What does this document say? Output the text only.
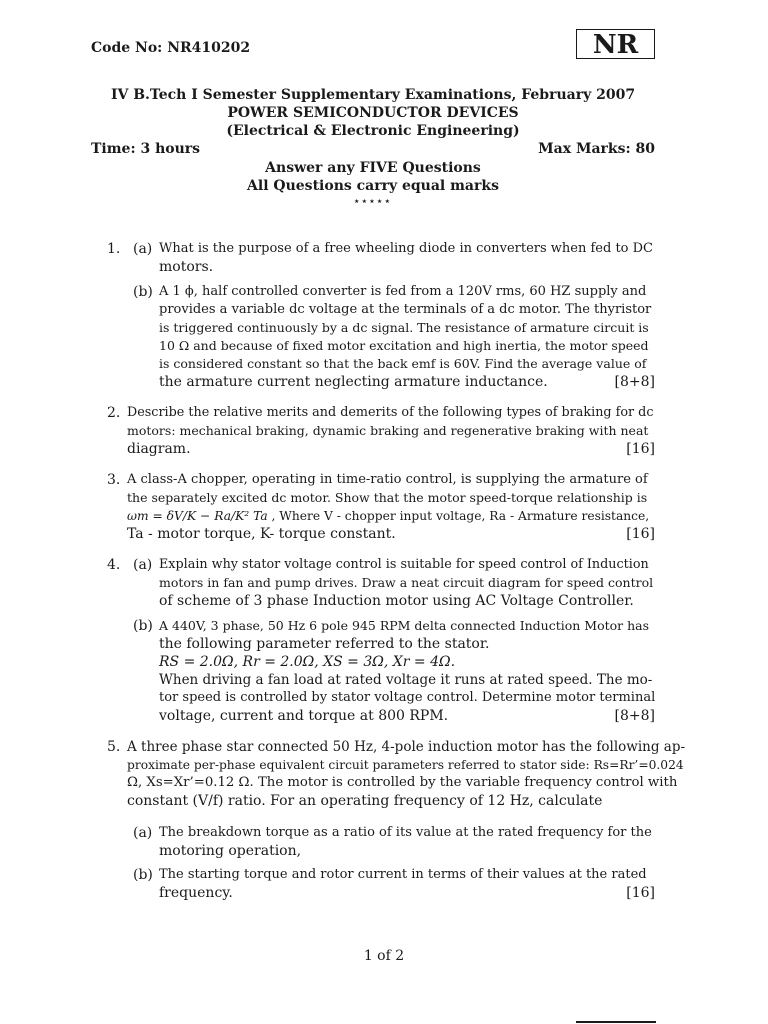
Code No: NR410202	NR
IV B.Tech I Semester Supplementary Examinations, February 2007
POWER SEMICONDUCTOR DEVICES
(Electrical & Electronic Engineering)
Time: 3 hours	Max Marks: 80
Answer any FIVE Questions
All Questions carry equal marks
⋆⋆⋆⋆⋆
1. (a) What is the purpose of a free wheeling diode in converters when fed to DC
motors.
(b) A 1 ϕ, half controlled converter is fed from a 120V rms, 60 HZ supply and
provides a variable dc voltage at the terminals of a dc motor. The thyristor
is triggered continuously by a dc signal. The resistance of armature circuit is
10 Ω and because of fixed motor excitation and high inertia, the motor speed
is considered constant so that the back emf is 60V. Find the average value of
the armature current neglecting armature inductance.	[8+8]
2. Describe the relative merits and demerits of the following types of braking for dc
motors: mechanical braking, dynamic braking and regenerative braking with neat
diagram.	[16]
3. A class-A chopper, operating in time-ratio control, is supplying the armature of
the separately excited dc motor. Show that the motor speed-torque relationship is
ωm = δV/K − Ra/K² Ta , Where V - chopper input voltage, Ra - Armature resistance,
Ta - motor torque, K- torque constant.	[16]
4. (a) Explain why stator voltage control is suitable for speed control of Induction
motors in fan and pump drives. Draw a neat circuit diagram for speed control
of scheme of 3 phase Induction motor using AC Voltage Controller.
(b) A 440V, 3 phase, 50 Hz 6 pole 945 RPM delta connected Induction Motor has
the following parameter referred to the stator.
RS = 2.0Ω, Rr = 2.0Ω, XS = 3Ω, Xr = 4Ω.
When driving a fan load at rated voltage it runs at rated speed. The mo-
tor speed is controlled by stator voltage control. Determine motor terminal
voltage, current and torque at 800 RPM.	[8+8]
5. A three phase star connected 50 Hz, 4-pole induction motor has the following ap-
proximate per-phase equivalent circuit parameters referred to stator side: Rs=Rr’=0.024
Ω, Xs=Xr’=0.12 Ω. The motor is controlled by the variable frequency control with
constant (V/f) ratio. For an operating frequency of 12 Hz, calculate
(a) The breakdown torque as a ratio of its value at the rated frequency for the
motoring operation,
(b) The starting torque and rotor current in terms of their values at the rated
frequency.	[16]
1 of 2
